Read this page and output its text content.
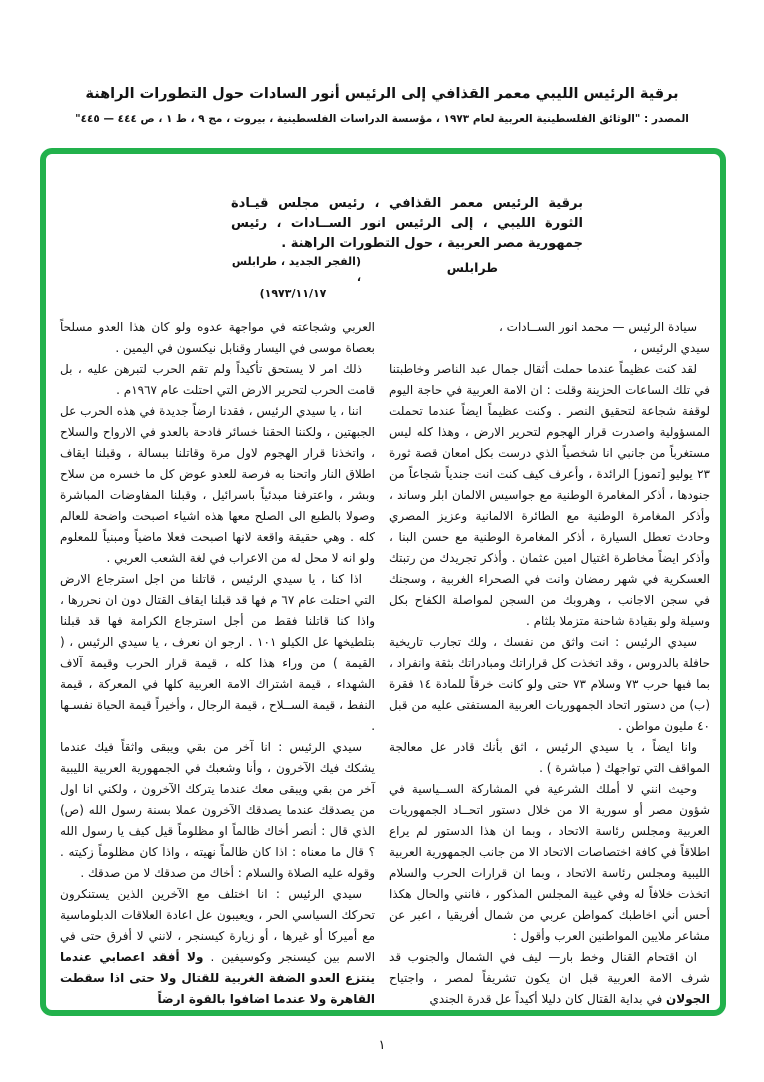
برقية الرئيس الليبي معمر القذافي إلى الرئيس أنور السادات حول التطورات الراهنة
المصدر : "الوثائق الفلسطينية العربية لعام ١٩٧٣ ، مؤسسة الدراسات الفلسطينية ، بيروت ، مج ٩ ، ط ١ ، ص ٤٤٤ — ٤٤٥"
برقية الرئيس معمر القذافي ، رئيس مجلس قيـادة الثورة الليبي ، إلى الرئيس انور الســادات ، رئيس جمهورية مصر العربية ، حول التطورات الراهنة .
طرابلس
(الفجر الجديد ، طرابلس ،
١٧‏/‏١١‏/‏١٩٧٣)

سيادة الرئيس — محمد انور الســادات ،

سيدي الرئيس ،

لقد كنت عظيماً عندما حملت أثقال جمال عبد الناصر وخاطبتنا في تلك الساعات الحزينة وقلت : ان الامة العربية في حاجة اليوم لوقفة شجاعة لتحقيق النصر . وكنت عظيماً ايضاً عندما تحملت المسؤولية واصدرت قرار الهجوم لتحرير الارض ، وهذا كله ليس مستغرباً من جانبي انا شخصياً الذي درست بكل امعان قصة ثورة ٢٣ يوليو [تموز] الرائدة ، وأعرف كيف كنت انت جندياً شجاعاً من جنودها ، أذكر المغامرة الوطنية مع جواسيس الالمان ابلر وساند ، وأذكر المغامرة الوطنية مع الطائرة الالمانية وعزيز المصري وحادث تعطل السيارة ، أذكر المغامرة الوطنية مع حسن البنا ، وأذكر ايضاً مخاطرة اغتيال امين عثمان . وأذكر تجريدك من رتبتك العسكرية في شهر رمضان وانت في الصحراء الغربية ، وسجنك في سجن الاجانب ، وهروبك من السجن لمواصلة الكفاح بكل وسيلة ولو بقيادة شاحنة متزملا بلثام .

سيدي الرئيس : انت واثق من نفسك ، ولك تجارب تاريخية حافلة بالدروس ، وقد اتخذت كل قراراتك ومبادراتك بثقة وانفراد ، بما فيها حرب ٧٣ وسلام ٧٣ حتى ولو كانت خرقاً للمادة ١٤ فقرة (ب) من دستور اتحاد الجمهوريات العربية المستفتى عليه من قبل ٤٠ مليون مواطن .

وانا ايضاً ، يا سيدي الرئيس ، اثق بأنك قادر عل معالجة المواقف التي تواجهك ( مباشرة ) .

وحيث انني لا أملك الشرعية في المشاركة الســياسية في شؤون مصر أو سورية الا من خلال دستور اتحــاد الجمهوريات العربية ومجلس رئاسة الاتحاد ، وبما ان هذا الدستور لم يراع اطلاقاً في كافة اختصاصات الاتحاد الا من جانب الجمهورية العربية الليبية ومجلس رئاسة الاتحاد ، وبما ان قرارات الحرب والسلام اتخذت خلافاً له وفي غيبة المجلس المذكور ، فانني والحال هكذا أحس أني اخاطبك كمواطن عربي من شمال أفريقيا ، اعبر عن مشاعر ملايين المواطنين العرب وأقول :

ان اقتحام القنال وخط بار— ليف في الشمال والجنوب قد شرف الامة العربية قبل ان يكون تشريفاً لمصر ، واجتياح الجولان في بداية القتال كان دليلا أكيداً عل قدرة الجندي

العربي وشجاعته في مواجهة عدوه ولو كان هذا العدو مسلحاً بعصاة موسى في اليسار وقنابل نيكسون في اليمين .

ذلك امر لا يستحق تأكيداً ولم تقم الحرب لتبرهن عليه ، بل قامت الحرب لتحرير الارض التي احتلت عام ١٩٦٧م .

اننا ، يا سيدي الرئيس ، فقدنا ارضاً جديدة في هذه الحرب عل الجبهتين ، ولكننا الحقنا خسائر فادحة بالعدو في الارواح والسلاح ، واتخذنا قرار الهجوم لاول مرة وقاتلنا ببسالة ، وقبلنا ايقاف اطلاق النار واتحنا به فرصة للعدو عوض كل ما خسره من سلاح وبشر ، واعترفنا مبدئياً باسرائيل ، وقبلنا المفاوضات المباشرة وصولا بالطبع الى الصلح معها هذه اشياء اصبحت واضحة للعالم كله . وهي حقيقة واقعة لانها اصبحت فعلا ماضياً ومبنياً للمعلوم ولو انه لا محل له من الاعراب في لغة الشعب العربي .

اذا كنا ، يا سيدي الرئيس ، قاتلنا من اجل استرجاع الارض التي احتلت عام ٦٧ م فها قد قبلنا ايقاف القتال دون ان نحررها ، واذا كنا قاتلنا فقط من أجل استرجاع الكرامة فها قد قبلنا بتلطيخها عل الكيلو ١٠١ . ارجو ان نعرف ، يا سيدي الرئيس ، ( القيمة ) من وراء هذا كله ، قيمة قرار الحرب وقيمة آلاف الشهداء ، قيمة اشتراك الامة العربية كلها في المعركة ، قيمة النفط ، قيمة الســلاح ، قيمة الرجال ، وأخيراً قيمة الحياة نفسـها .

سيدي الرئيس : انا آخر من بقي ويبقى واثقاً فيك عندما يشكك فيك الآخرون ، وأنا وشعبك في الجمهورية العربية الليبية آخر من بقي ويبقى معك عندما يتركك الآخرون ، ولكني انا اول من يصدقك عندما يصدقك الآخرون عملا بسنة رسول الله (ص) الذي قال : أنصر أخاك ظالماً او مظلوماً قيل كيف يا رسول الله ؟ قال ما معناه : اذا كان ظالماً نهيته ، واذا كان مظلوماً زكيته . وقوله عليه الصلاة والسلام : أخاك من صدقك لا من صدقك .

سيدي الرئيس : انا اختلف مع الآخرين الذين يستنكرون تحركك السياسي الحر ، ويعيبون عل اعادة العلاقات الدبلوماسية مع أميركا أو غيرها ، أو زيارة كيسنجر ، لانني لا أفرق حتى في الاسم بين كيسنجر وكوسيفين . ولا أفقد اعصابي عندما ينتزع العدو الضفة الغربية للقتال ولا حتى اذا سقطت القاهرة ولا عندما اضافوا بالقوة ارضاً

١
